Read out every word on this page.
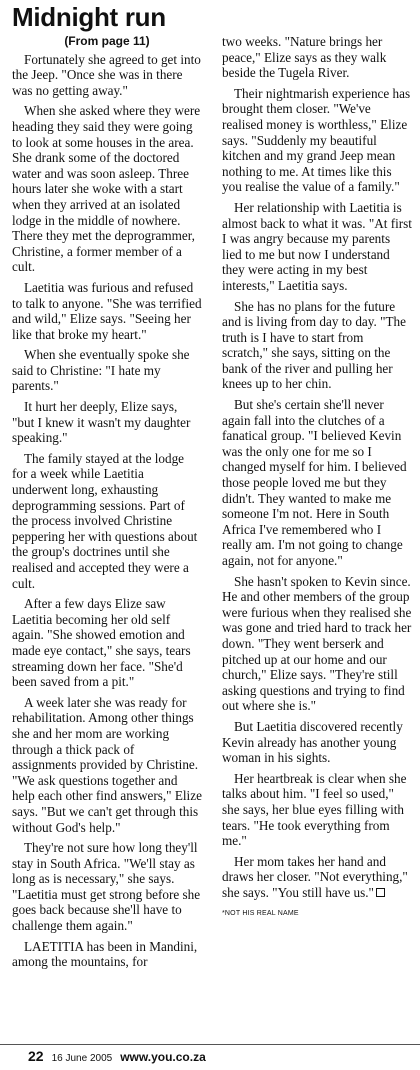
Midnight run
(From page 11)

Fortunately she agreed to get into the Jeep. "Once she was in there was no getting away."

When she asked where they were heading they said they were going to look at some houses in the area. She drank some of the doctored water and was soon asleep. Three hours later she woke with a start when they arrived at an isolated lodge in the middle of nowhere. There they met the deprogrammer, Christine, a former member of a cult.

Laetitia was furious and refused to talk to anyone. "She was terrified and wild," Elize says. "Seeing her like that broke my heart."

When she eventually spoke she said to Christine: "I hate my parents."

It hurt her deeply, Elize says, "but I knew it wasn't my daughter speaking."

The family stayed at the lodge for a week while Laetitia underwent long, exhausting deprogramming sessions. Part of the process involved Christine peppering her with questions about the group's doctrines until she realised and accepted they were a cult.

After a few days Elize saw Laetitia becoming her old self again. "She showed emotion and made eye contact," she says, tears streaming down her face. "She'd been saved from a pit."

A week later she was ready for rehabilitation. Among other things she and her mom are working through a thick pack of assignments provided by Christine. "We ask questions together and help each other find answers," Elize says. "But we can't get through this without God's help."

They're not sure how long they'll stay in South Africa. "We'll stay as long as is necessary," she says. "Laetitia must get strong before she goes back because she'll have to challenge them again."

LAETITIA has been in Mandini, among the mountains, for

two weeks. "Nature brings her peace," Elize says as they walk beside the Tugela River.

Their nightmarish experience has brought them closer. "We've realised money is worthless," Elize says. "Suddenly my beautiful kitchen and my grand Jeep mean nothing to me. At times like this you realise the value of a family."

Her relationship with Laetitia is almost back to what it was. "At first I was angry because my parents lied to me but now I understand they were acting in my best interests," Laetitia says.

She has no plans for the future and is living from day to day. "The truth is I have to start from scratch," she says, sitting on the bank of the river and pulling her knees up to her chin.

But she's certain she'll never again fall into the clutches of a fanatical group. "I believed Kevin was the only one for me so I changed myself for him. I believed those people loved me but they didn't. They wanted to make me someone I'm not. Here in South Africa I've remembered who I really am. I'm not going to change again, not for anyone."

She hasn't spoken to Kevin since. He and other members of the group were furious when they realised she was gone and tried hard to track her down. "They went berserk and pitched up at our home and our church," Elize says. "They're still asking questions and trying to find out where she is."

But Laetitia discovered recently Kevin already has another young woman in his sights.

Her heartbreak is clear when she talks about him. "I feel so used," she says, her blue eyes filling with tears. "He took everything from me."

Her mom takes her hand and draws her closer. "Not everything," she says. "You still have us."

*NOT HIS REAL NAME
22 16 June 2005 www.you.co.za
